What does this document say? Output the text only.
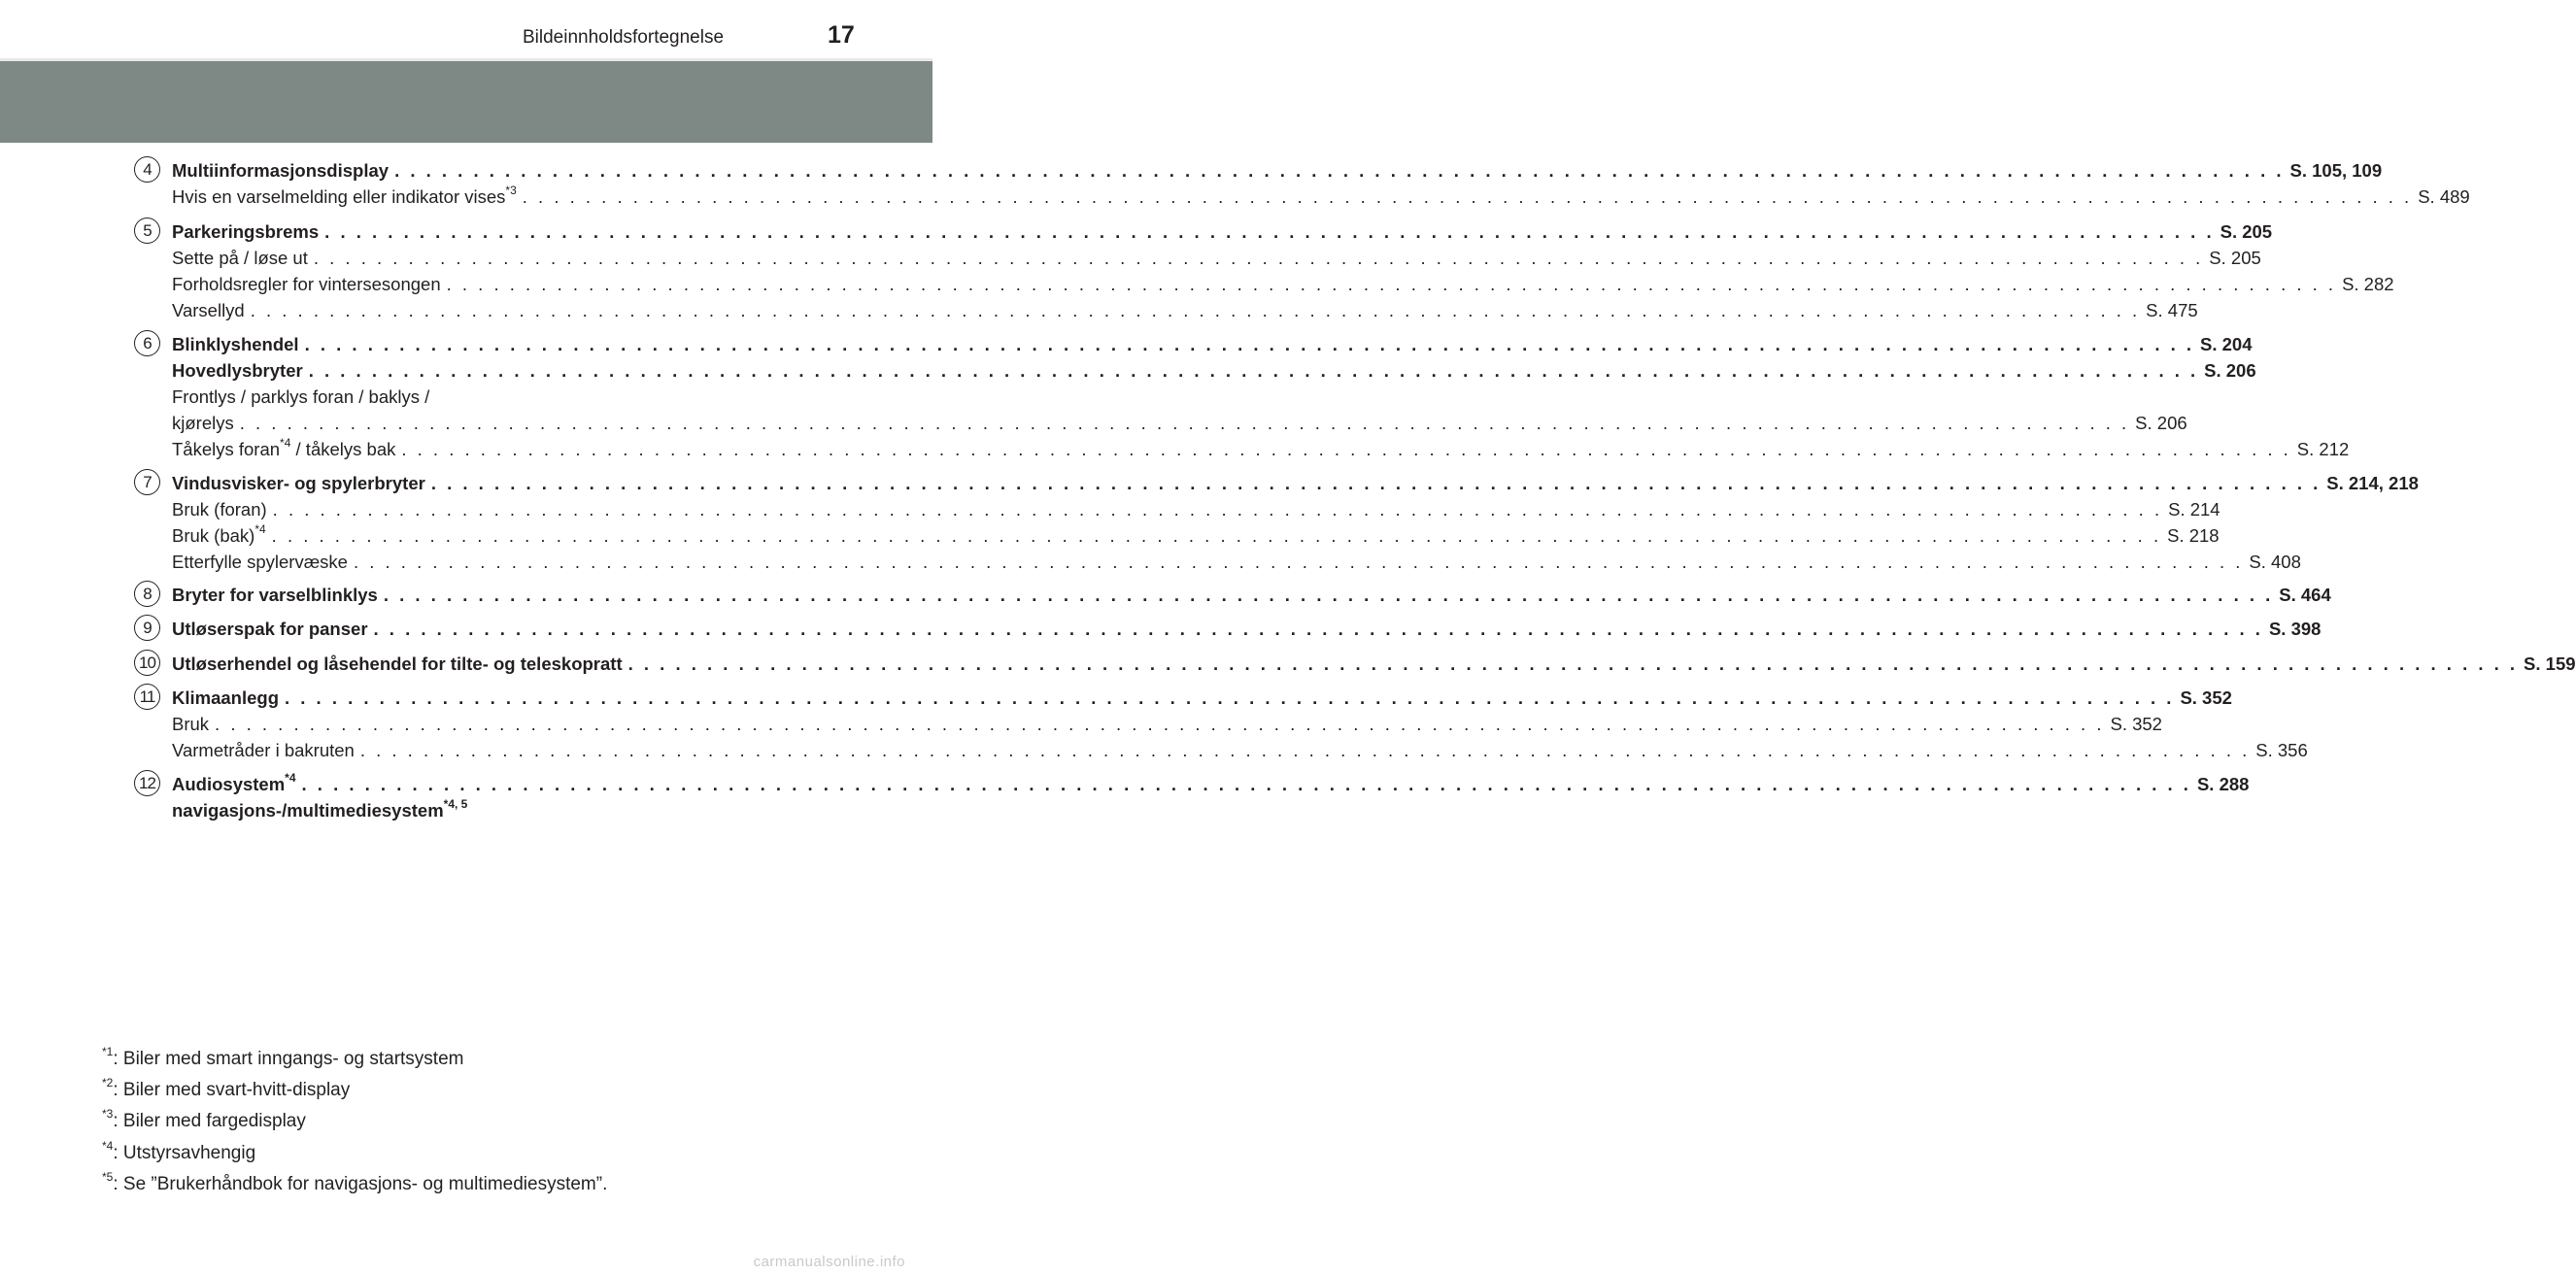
Bildeinnholdsfortegnelse	17
4	Multiinformasjonsdisplay . . . . . . . . . . . . . . . . . . . . . . . . . . . . . . . . . . . . . . . . . . . . . . . . . . . . . . . . . . . . . . . . . . . . . . . . . . . . . . . . . . . . . . . . . . . . . . . . . . . . . . . . . . . . . . . . . . . . . . . . S. 105, 109
Hvis en varselmelding eller indikator vises$^{*3}$ . . . . . . . . . . . . . . . . . . . . . . . . . . . . . . . . . . . . . . . . . . . . . . . . . . . . . . . . . . . . . . . . . . . . . . . . . . . . . . . . . . . . . . . . . . . . . . . . . . . . . . . . . . . . . . . . . . . . . . . . S. 489
5	Parkeringsbrems . . . . . . . . . . . . . . . . . . . . . . . . . . . . . . . . . . . . . . . . . . . . . . . . . . . . . . . . . . . . . . . . . . . . . . . . . . . . . . . . . . . . . . . . . . . . . . . . . . . . . . . . . . . . . . . . . . . . . . . . S. 205
Sette på / løse ut . . . . . . . . . . . . . . . . . . . . . . . . . . . . . . . . . . . . . . . . . . . . . . . . . . . . . . . . . . . . . . . . . . . . . . . . . . . . . . . . . . . . . . . . . . . . . . . . . . . . . . . . . . . . . . . . . . . . . . . . S. 205
Forholdsregler for vintersesongen . . . . . . . . . . . . . . . . . . . . . . . . . . . . . . . . . . . . . . . . . . . . . . . . . . . . . . . . . . . . . . . . . . . . . . . . . . . . . . . . . . . . . . . . . . . . . . . . . . . . . . . . . . . . . . . . . . . . . . . . S. 282
Varsellyd . . . . . . . . . . . . . . . . . . . . . . . . . . . . . . . . . . . . . . . . . . . . . . . . . . . . . . . . . . . . . . . . . . . . . . . . . . . . . . . . . . . . . . . . . . . . . . . . . . . . . . . . . . . . . . . . . . . . . . . . S. 475
6	Blinklyshendel . . . . . . . . . . . . . . . . . . . . . . . . . . . . . . . . . . . . . . . . . . . . . . . . . . . . . . . . . . . . . . . . . . . . . . . . . . . . . . . . . . . . . . . . . . . . . . . . . . . . . . . . . . . . . . . . . . . . . . . . S. 204
Hovedlysbryter . . . . . . . . . . . . . . . . . . . . . . . . . . . . . . . . . . . . . . . . . . . . . . . . . . . . . . . . . . . . . . . . . . . . . . . . . . . . . . . . . . . . . . . . . . . . . . . . . . . . . . . . . . . . . . . . . . . . . . . . S. 206
Frontlys / parklys foran / baklys /
kjørelys . . . . . . . . . . . . . . . . . . . . . . . . . . . . . . . . . . . . . . . . . . . . . . . . . . . . . . . . . . . . . . . . . . . . . . . . . . . . . . . . . . . . . . . . . . . . . . . . . . . . . . . . . . . . . . . . . . . . . . . . S. 206
Tåkelys foran$^{*4}$ / tåkelys bak . . . . . . . . . . . . . . . . . . . . . . . . . . . . . . . . . . . . . . . . . . . . . . . . . . . . . . . . . . . . . . . . . . . . . . . . . . . . . . . . . . . . . . . . . . . . . . . . . . . . . . . . . . . . . . . . . . . . . . . . S. 212
7	Vindusvisker- og spylerbryter . . . . . . . . . . . . . . . . . . . . . . . . . . . . . . . . . . . . . . . . . . . . . . . . . . . . . . . . . . . . . . . . . . . . . . . . . . . . . . . . . . . . . . . . . . . . . . . . . . . . . . . . . . . . . . . . . . . . . . . . S. 214, 218
Bruk (foran) . . . . . . . . . . . . . . . . . . . . . . . . . . . . . . . . . . . . . . . . . . . . . . . . . . . . . . . . . . . . . . . . . . . . . . . . . . . . . . . . . . . . . . . . . . . . . . . . . . . . . . . . . . . . . . . . . . . . . . . . S. 214
Bruk (bak)$^{*4}$ . . . . . . . . . . . . . . . . . . . . . . . . . . . . . . . . . . . . . . . . . . . . . . . . . . . . . . . . . . . . . . . . . . . . . . . . . . . . . . . . . . . . . . . . . . . . . . . . . . . . . . . . . . . . . . . . . . . . . . . . S. 218
Etterfylle spylervæske . . . . . . . . . . . . . . . . . . . . . . . . . . . . . . . . . . . . . . . . . . . . . . . . . . . . . . . . . . . . . . . . . . . . . . . . . . . . . . . . . . . . . . . . . . . . . . . . . . . . . . . . . . . . . . . . . . . . . . . . S. 408
8	Bryter for varselblinklys . . . . . . . . . . . . . . . . . . . . . . . . . . . . . . . . . . . . . . . . . . . . . . . . . . . . . . . . . . . . . . . . . . . . . . . . . . . . . . . . . . . . . . . . . . . . . . . . . . . . . . . . . . . . . . . . . . . . . . . . S. 464
9	Utløserspak for panser . . . . . . . . . . . . . . . . . . . . . . . . . . . . . . . . . . . . . . . . . . . . . . . . . . . . . . . . . . . . . . . . . . . . . . . . . . . . . . . . . . . . . . . . . . . . . . . . . . . . . . . . . . . . . . . . . . . . . . . . S. 398
10 Utløserhendel og låsehendel for tilte- og teleskopratt . . . . . . . . . . . . . . . . . . . . . . . . . . . . . . . . . . . . . . . . . . . . . . . . . . . . . . . . . . . . . . . . . . . . . . . . . . . . . . . . . . . . . . . . . . . . . . . . . . . . . . . . . . . . . . . . . . . . . . . . S. 159
11 Klimaanlegg . . . . . . . . . . . . . . . . . . . . . . . . . . . . . . . . . . . . . . . . . . . . . . . . . . . . . . . . . . . . . . . . . . . . . . . . . . . . . . . . . . . . . . . . . . . . . . . . . . . . . . . . . . . . . . . . . . . . . . . . S. 352
Bruk . . . . . . . . . . . . . . . . . . . . . . . . . . . . . . . . . . . . . . . . . . . . . . . . . . . . . . . . . . . . . . . . . . . . . . . . . . . . . . . . . . . . . . . . . . . . . . . . . . . . . . . . . . . . . . . . . . . . . . . . S. 352
Varmetråder i bakruten . . . . . . . . . . . . . . . . . . . . . . . . . . . . . . . . . . . . . . . . . . . . . . . . . . . . . . . . . . . . . . . . . . . . . . . . . . . . . . . . . . . . . . . . . . . . . . . . . . . . . . . . . . . . . . . . . . . . . . . . S. 356
12 Audiosystem$^{*4}$ . . . . . . . . . . . . . . . . . . . . . . . . . . . . . . . . . . . . . . . . . . . . . . . . . . . . . . . . . . . . . . . . . . . . . . . . . . . . . . . . . . . . . . . . . . . . . . . . . . . . . . . . . . . . . . . . . . . . . . . . S. 288
navigasjons-/multimediesystem$^{*4, 5}$
$^{*1}$: Biler med smart inngangs- og startsystem
$^{*2}$: Biler med svart-hvitt-display
$^{*3}$: Biler med fargedisplay
$^{*4}$: Utstyrsavhengig
$^{*5}$: Se ”Brukerhåndbok for navigasjons- og multimediesystem”.
carmanualsonline.info
